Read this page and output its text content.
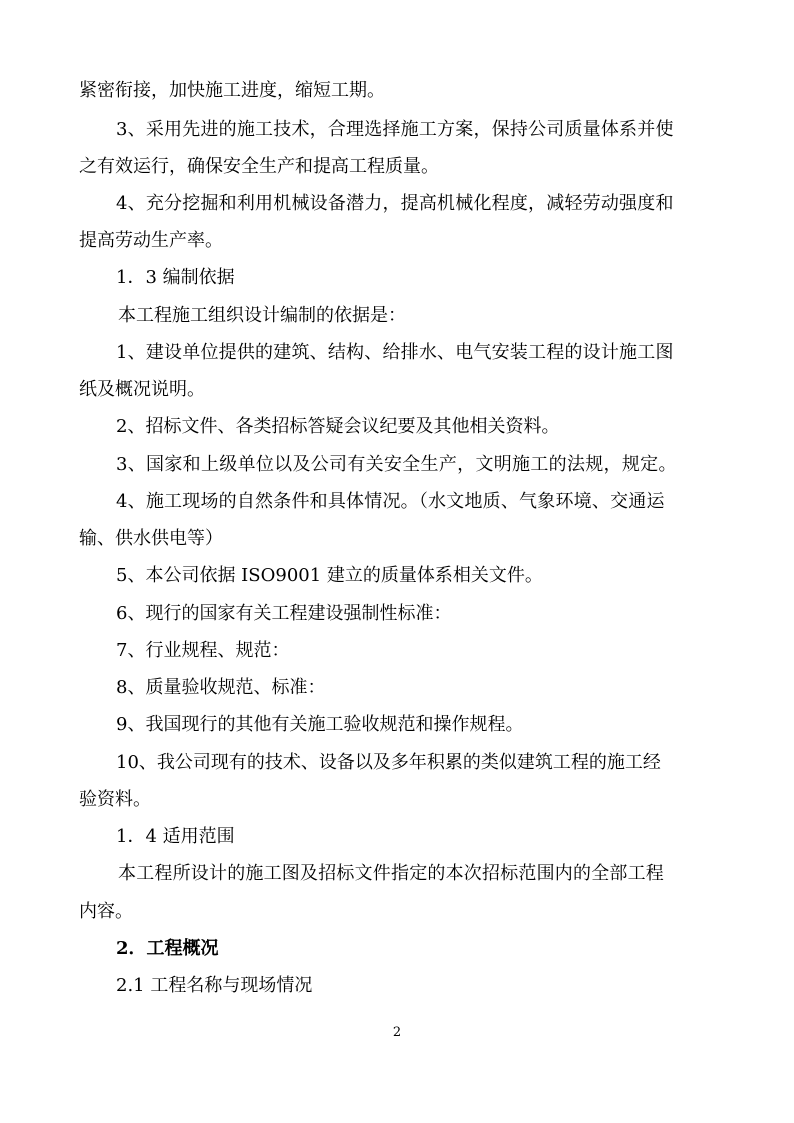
紧密衔接，加快施工进度，缩短工期。

3、采用先进的施工技术，合理选择施工方案，保持公司质量体系并使

之有效运行，确保安全生产和提高工程质量。

4、充分挖掘和利用机械设备潜力，提高机械化程度，减轻劳动强度和

提高劳动生产率。

1．3 编制依据

本工程施工组织设计编制的依据是：

1、建设单位提供的建筑、结构、给排水、电气安装工程的设计施工图

纸及概况说明。

2、招标文件、各类招标答疑会议纪要及其他相关资料。

3、国家和上级单位以及公司有关安全生产，文明施工的法规，规定。

4、施工现场的自然条件和具体情况。（水文地质、气象环境、交通运

输、供水供电等）

5、本公司依据 ISO9001 建立的质量体系相关文件。

6、现行的国家有关工程建设强制性标准：

7、行业规程、规范：

8、质量验收规范、标准：

9、我国现行的其他有关施工验收规范和操作规程。

10、我公司现有的技术、设备以及多年积累的类似建筑工程的施工经

验资料。

1．4 适用范围

本工程所设计的施工图及招标文件指定的本次招标范围内的全部工程

内容。

2．工程概况

2.1 工程名称与现场情况

2
